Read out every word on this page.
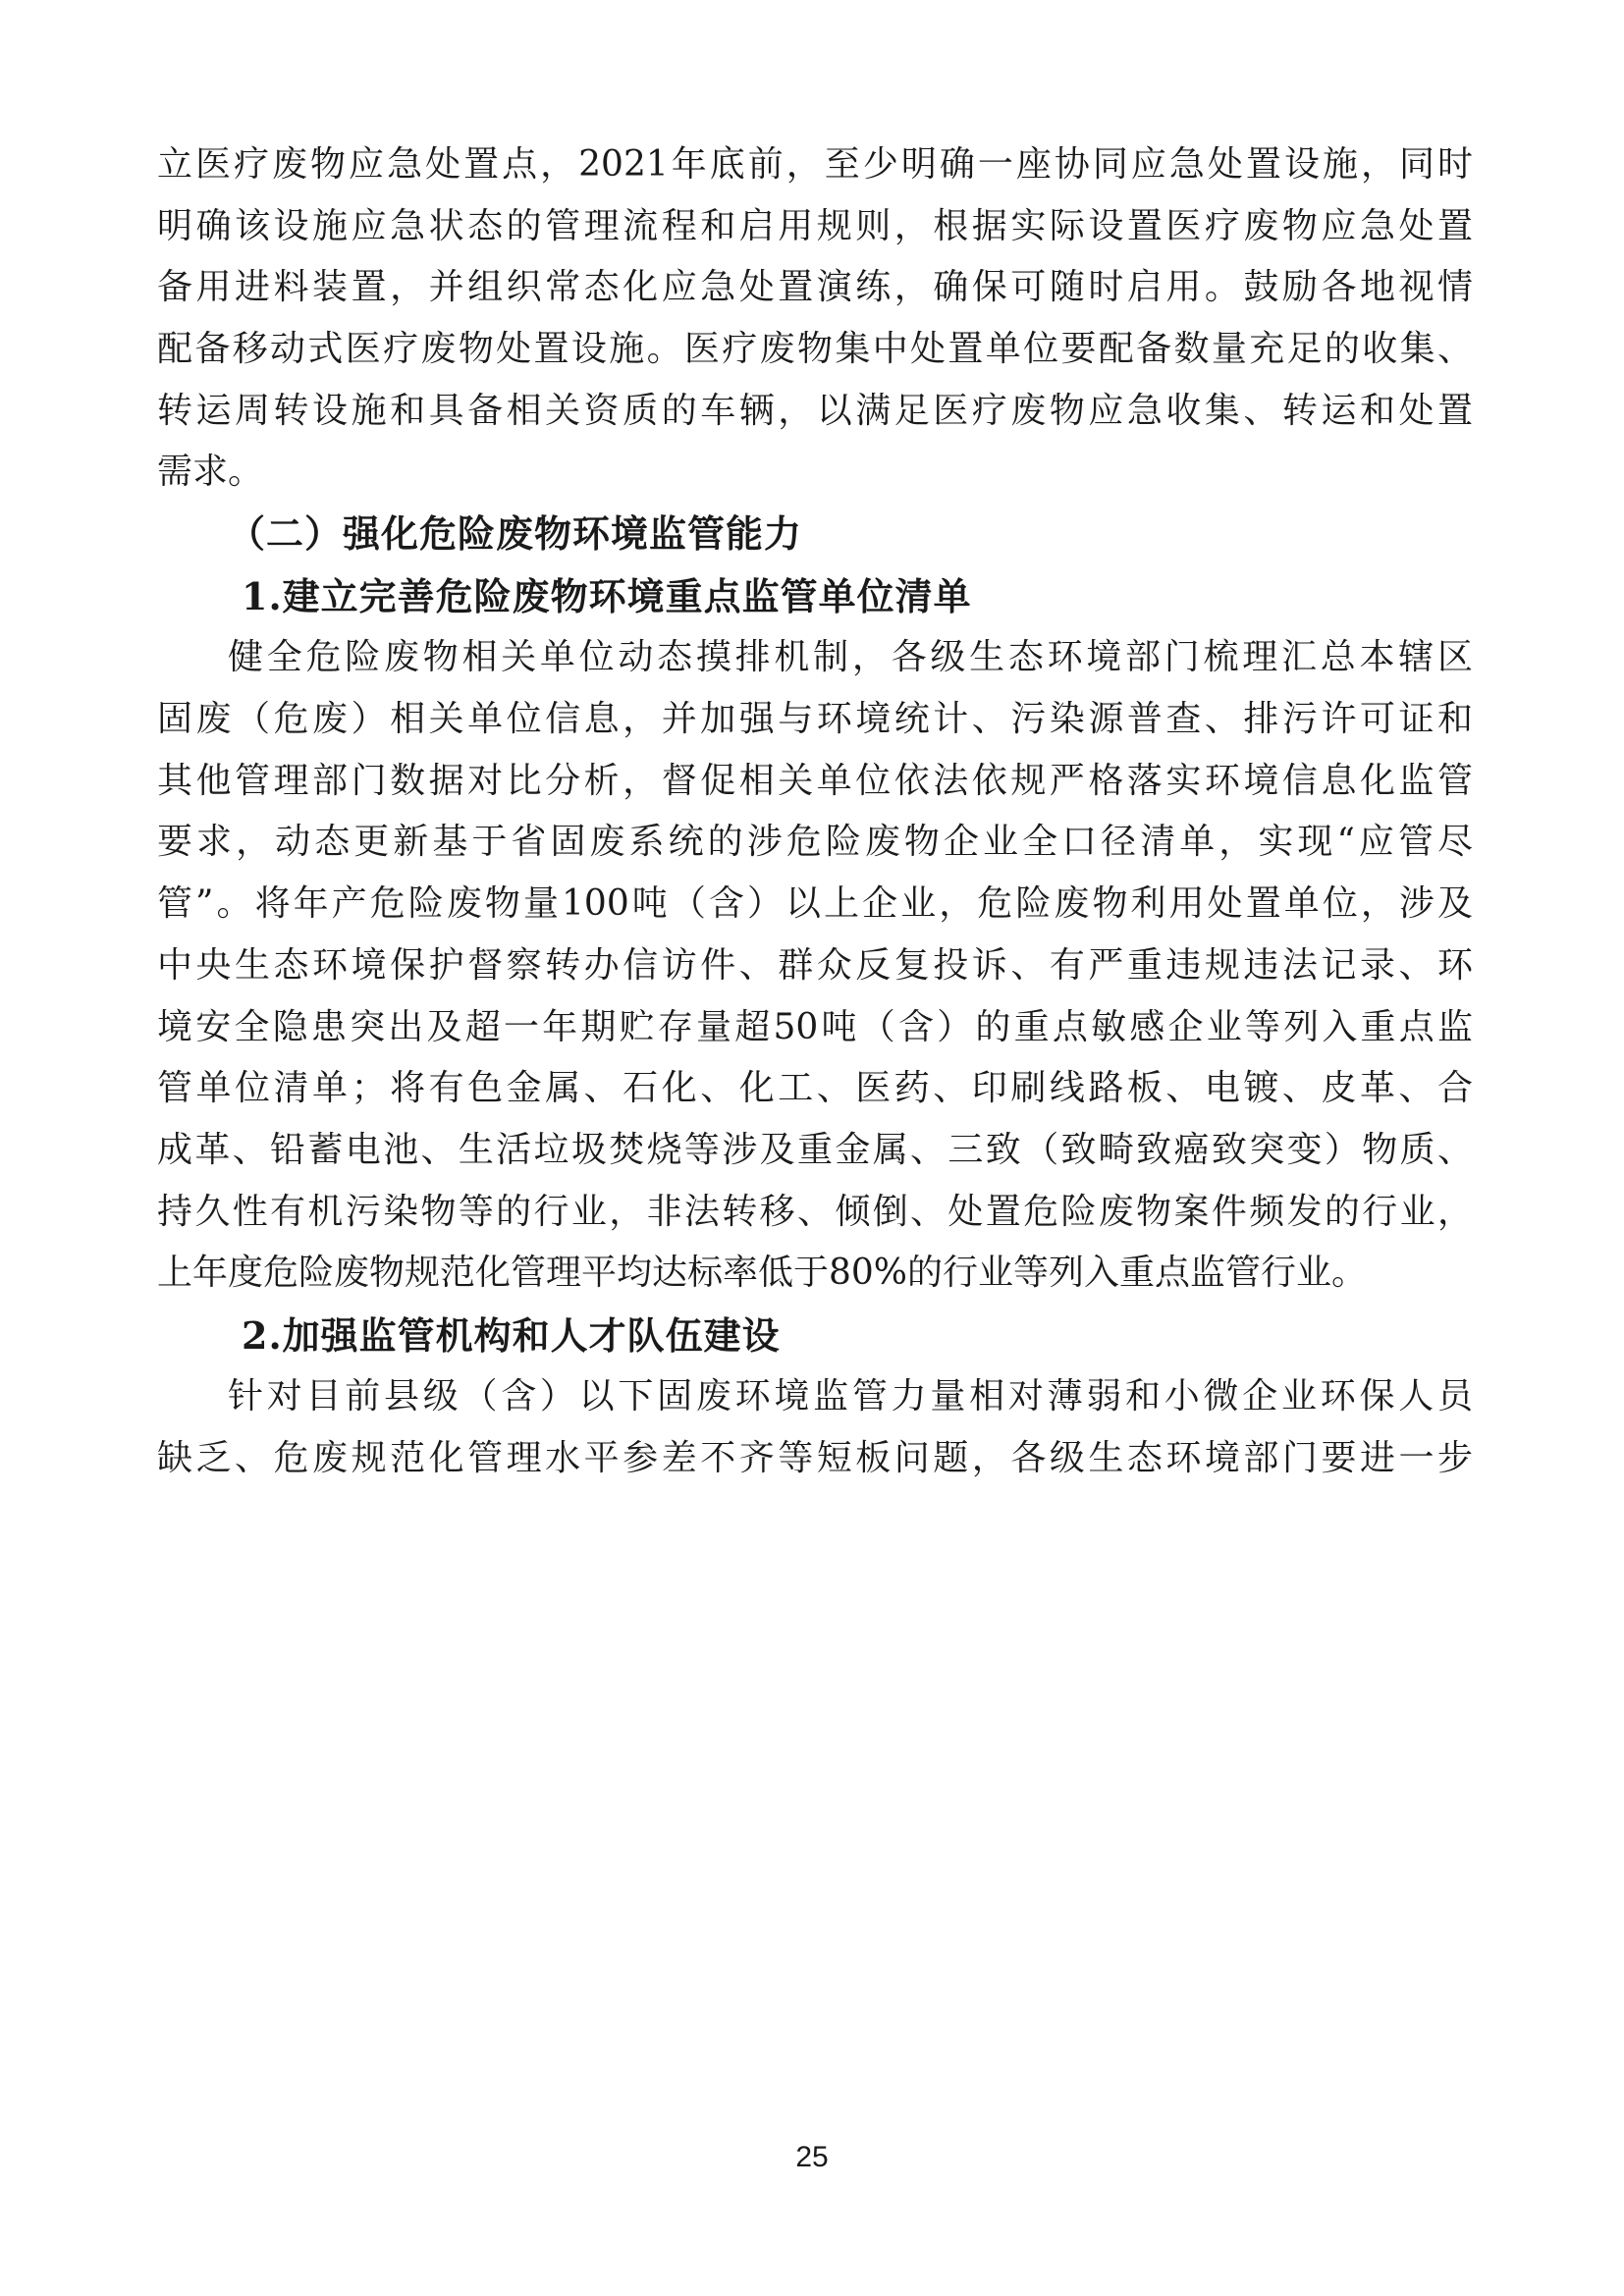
立医疗废物应急处置点，2021年底前，至少明确一座协同应急处置设施，同时
明确该设施应急状态的管理流程和启用规则，根据实际设置医疗废物应急处置
备用进料装置，并组织常态化应急处置演练，确保可随时启用。鼓励各地视情
配备移动式医疗废物处置设施。医疗废物集中处置单位要配备数量充足的收集、
转运周转设施和具备相关资质的车辆，以满足医疗废物应急收集、转运和处置
需求。
（二）强化危险废物环境监管能力
1.建立完善危险废物环境重点监管单位清单
健全危险废物相关单位动态摸排机制，各级生态环境部门梳理汇总本辖区
固废（危废）相关单位信息，并加强与环境统计、污染源普查、排污许可证和
其他管理部门数据对比分析，督促相关单位依法依规严格落实环境信息化监管
要求，动态更新基于省固废系统的涉危险废物企业全口径清单，实现“应管尽
管”。将年产危险废物量100吨（含）以上企业，危险废物利用处置单位，涉及
中央生态环境保护督察转办信访件、群众反复投诉、有严重违规违法记录、环
境安全隐患突出及超一年期贮存量超50吨（含）的重点敏感企业等列入重点监
管单位清单；将有色金属、石化、化工、医药、印刷线路板、电镀、皮革、合
成革、铅蓄电池、生活垃圾焚烧等涉及重金属、三致（致畸致癌致突变）物质、
持久性有机污染物等的行业，非法转移、倾倒、处置危险废物案件频发的行业，
上年度危险废物规范化管理平均达标率低于80%的行业等列入重点监管行业。
2.加强监管机构和人才队伍建设
针对目前县级（含）以下固废环境监管力量相对薄弱和小微企业环保人员
缺乏、危废规范化管理水平参差不齐等短板问题，各级生态环境部门要进一步
25
